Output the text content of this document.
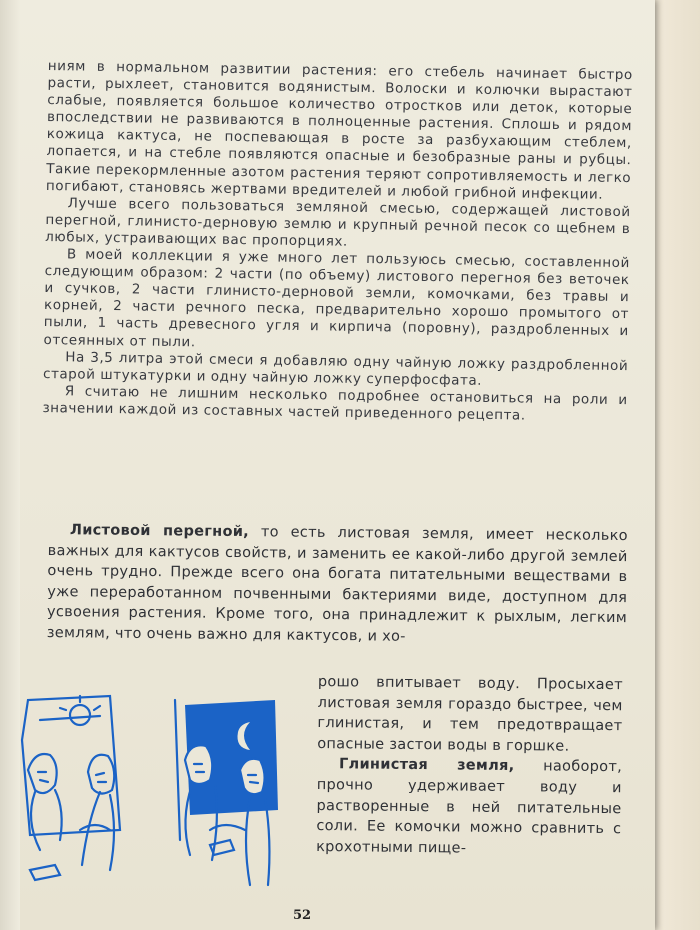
ниям в нормальном развитии растения: его стебель начинает быстро расти, рыхлеет, становится водянистым. Волоски и колючки вырастают слабые, появляется большое количество отростков или деток, которые впоследствии не развиваются в полноценные растения. Сплошь и рядом кожица кактуса, не поспевающая в росте за разбухающим стеблем, лопается, и на стебле появляются опасные и безобразные раны и рубцы. Такие перекормленные азотом растения теряют сопротивляемость и легко погибают, становясь жертвами вредителей и любой грибной инфекции.

Лучше всего пользоваться земляной смесью, содержащей листовой перегной, глинисто-дерновую землю и крупный речной песок со щебнем в любых, устраивающих вас пропорциях.

В моей коллекции я уже много лет пользуюсь смесью, составленной следующим образом: 2 части (по объему) листового перегноя без веточек и сучков, 2 части глинисто-дерновой земли, комочками, без травы и корней, 2 части речного песка, предварительно хорошо промытого от пыли, 1 часть древесного угля и кирпича (поровну), раздробленных и отсеянных от пыли.

На 3,5 литра этой смеси я добавляю одну чайную ложку раздробленной старой штукатурки и одну чайную ложку суперфосфата.

Я считаю не лишним несколько подробнее остановиться на роли и значении каждой из составных частей приведенного рецепта.

Листовой перегной, то есть листовая земля, имеет несколько важных для кактусов свойств, и заменить ее какой-либо другой землей очень трудно. Прежде всего она богата питательными веществами в уже переработанном почвенными бактериями виде, доступном для усвоения растения. Кроме того, она принадлежит к рыхлым, легким землям, что очень важно для кактусов, и хо-

рошо впитывает воду. Просыхает листовая земля гораздо быстрее, чем глинистая, и тем предотвращает опасные застои воды в горшке.

Глинистая земля, наоборот, прочно удерживает воду и растворенные в ней питательные соли. Ее комочки можно сравнить с крохотными пище-

52
